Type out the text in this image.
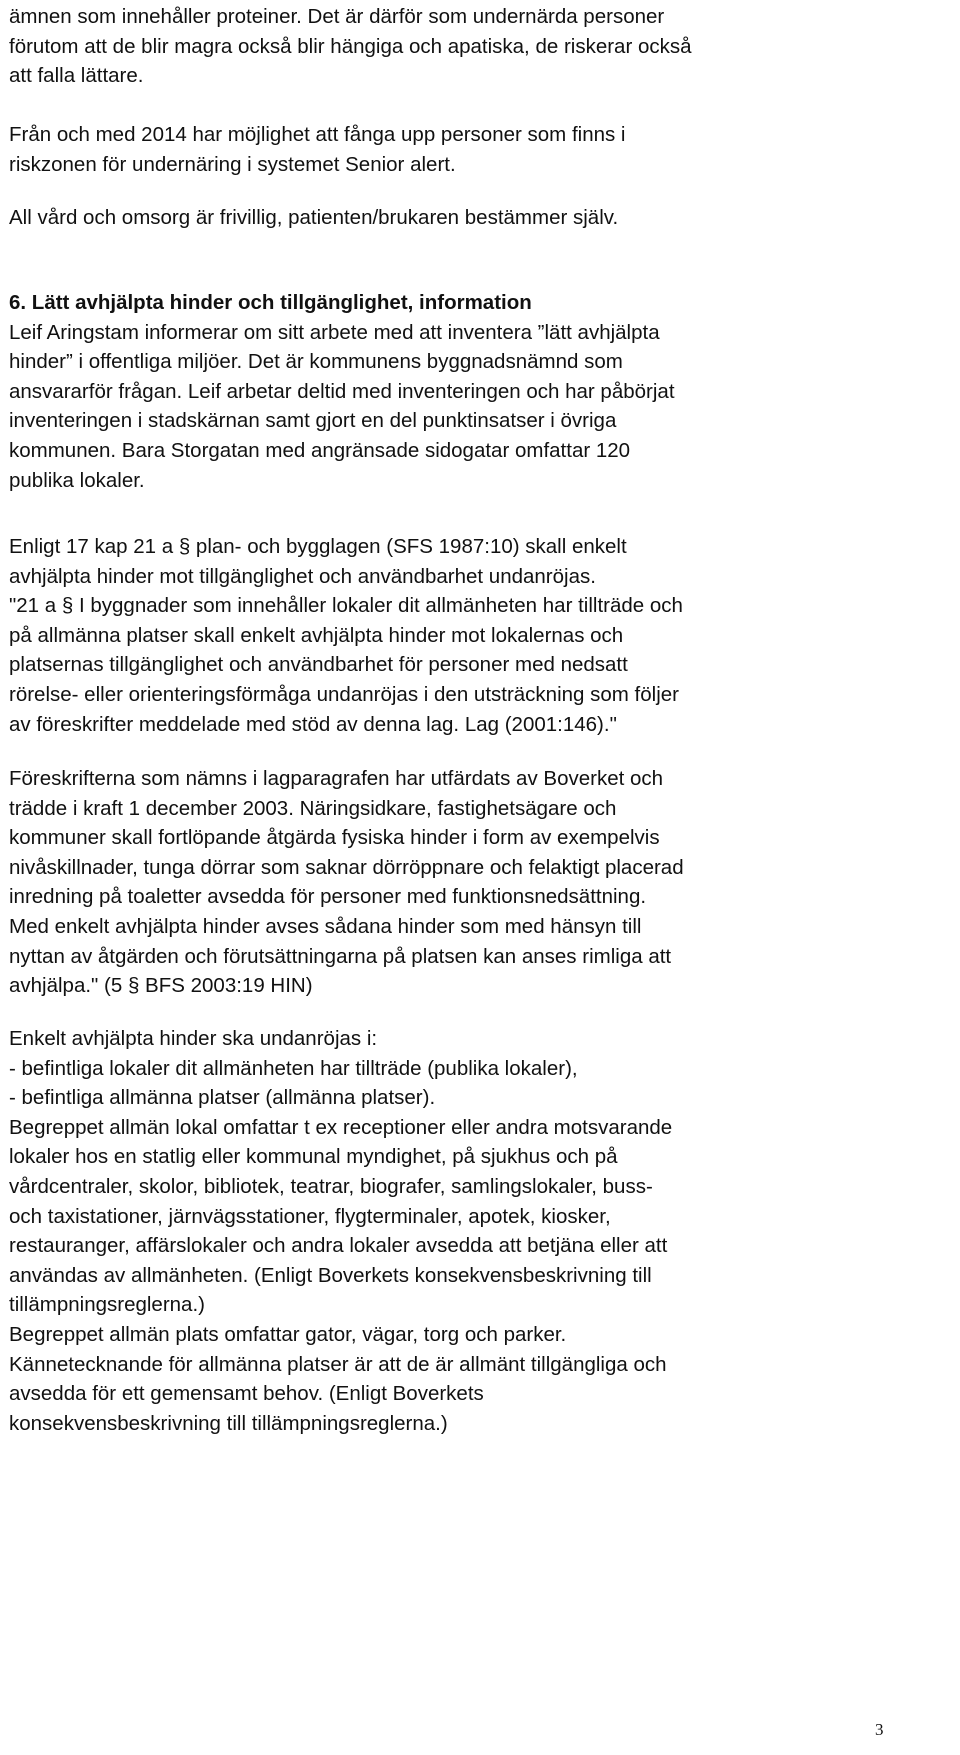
ämnen som innehåller proteiner. Det är därför som undernärda personer
förutom att de blir magra också blir hängiga och apatiska, de riskerar också
att falla lättare.

Från och med 2014 har möjlighet att fånga upp personer som finns i
riskzonen för undernäring i systemet Senior alert.

All vård och omsorg är frivillig, patienten/brukaren bestämmer själv.

6. Lätt avhjälpta hinder och tillgänglighet, information
Leif Aringstam informerar om sitt arbete med att inventera ”lätt avhjälpta
hinder” i offentliga miljöer. Det är kommunens byggnadsnämnd som
ansvararför frågan. Leif arbetar deltid med inventeringen och har påbörjat
inventeringen i stadskärnan samt gjort en del punktinsatser i övriga
kommunen. Bara Storgatan med angränsade sidogatar omfattar 120
publika lokaler.

Enligt 17 kap 21 a § plan- och bygglagen (SFS 1987:10) skall enkelt
avhjälpta hinder mot tillgänglighet och användbarhet undanröjas.
"21 a § I byggnader som innehåller lokaler dit allmänheten har tillträde och
på allmänna platser skall enkelt avhjälpta hinder mot lokalernas och
platsernas tillgänglighet och användbarhet för personer med nedsatt
rörelse- eller orienteringsförmåga undanröjas i den utsträckning som följer
av föreskrifter meddelade med stöd av denna lag. Lag (2001:146)."

Föreskrifterna som nämns i lagparagrafen har utfärdats av Boverket och
trädde i kraft 1 december 2003. Näringsidkare, fastighetsägare och
kommuner skall fortlöpande åtgärda fysiska hinder i form av exempelvis
nivåskillnader, tunga dörrar som saknar dörröppnare och felaktigt placerad
inredning på toaletter avsedda för personer med funktionsnedsättning.
Med enkelt avhjälpta hinder avses sådana hinder som med hänsyn till
nyttan av åtgärden och förutsättningarna på platsen kan anses rimliga att
avhjälpa." (5 § BFS 2003:19 HIN)

Enkelt avhjälpta hinder ska undanröjas i:
- befintliga lokaler dit allmänheten har tillträde (publika lokaler),
- befintliga allmänna platser (allmänna platser).
Begreppet allmän lokal omfattar t ex receptioner eller andra motsvarande
lokaler hos en statlig eller kommunal myndighet, på sjukhus och på
vårdcentraler, skolor, bibliotek, teatrar, biografer, samlingslokaler, buss-
och taxistationer, järnvägsstationer, flygterminaler, apotek, kiosker,
restauranger, affärslokaler och andra lokaler avsedda att betjäna eller att
användas av allmänheten. (Enligt Boverkets konsekvensbeskrivning till
tillämpningsreglerna.)
Begreppet allmän plats omfattar gator, vägar, torg och parker.
Kännetecknande för allmänna platser är att de är allmänt tillgängliga och
avsedda för ett gemensamt behov. (Enligt Boverkets
konsekvensbeskrivning till tillämpningsreglerna.)

3
